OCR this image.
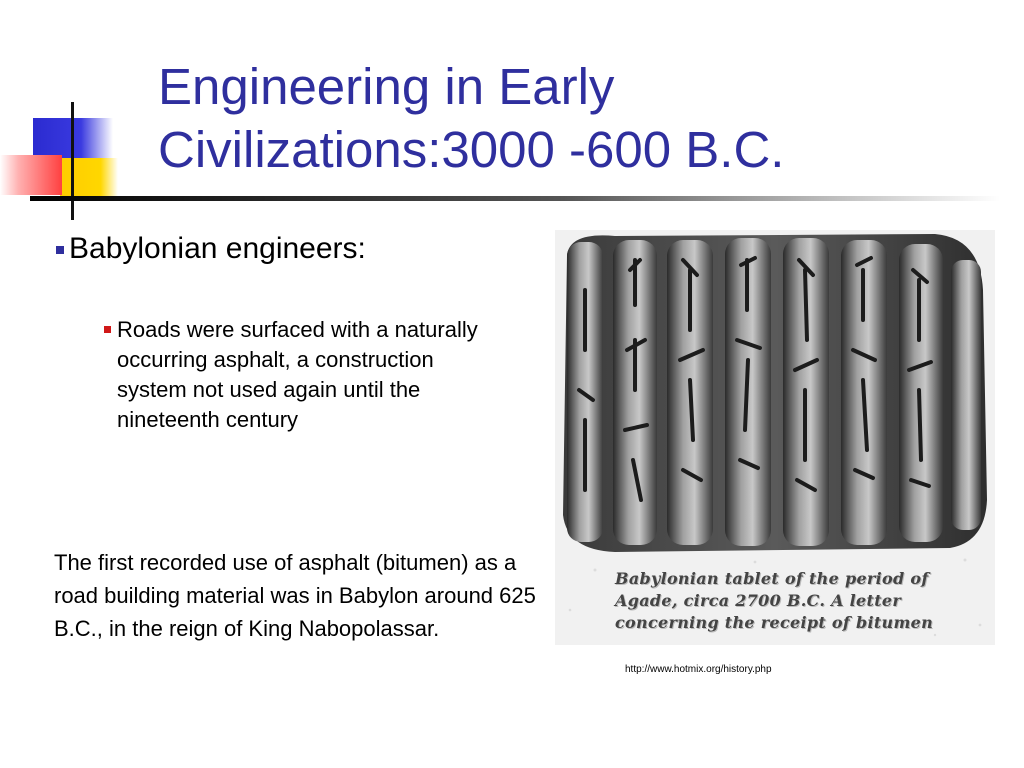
Engineering in Early
Civilizations:3000 -600 B.C.
Babylonian engineers:
Roads were surfaced with a naturally occurring asphalt, a construction system not used again until the nineteenth century
The first recorded use of asphalt (bitumen) as a road building material was in Babylon around 625 B.C., in the reign of King Nabopolassar.
Babylonian tablet of the period of Agade, circa 2700 B.C. A letter concerning the receipt of bitumen
http://www.hotmix.org/history.php
